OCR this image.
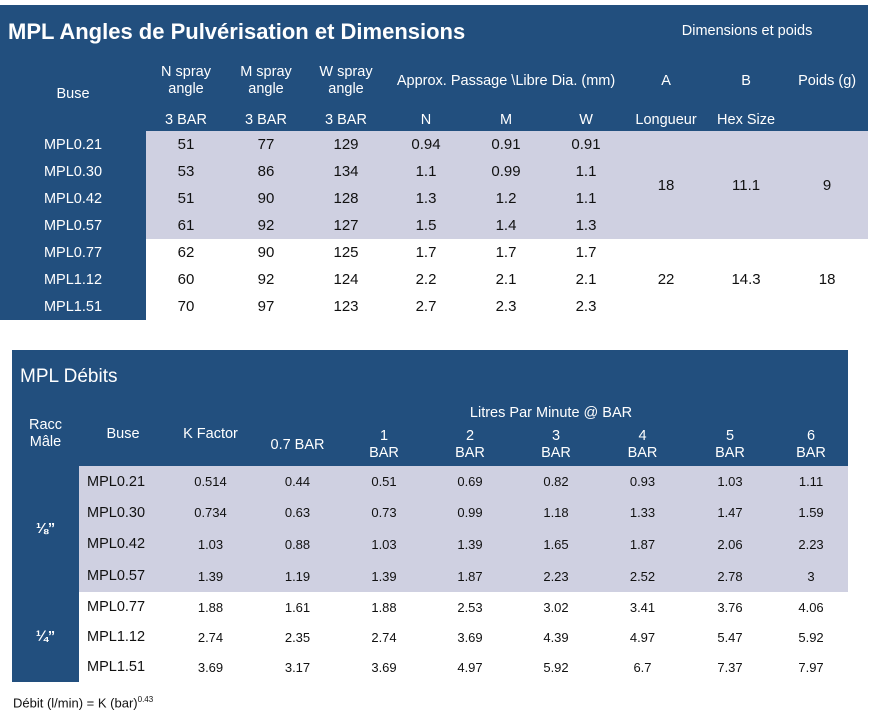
MPL Angles de Pulvérisation et Dimensions							Dimensions et poids		
Buse	N spray angle	M spray angle	W spray angle	Approx. Passage \Libre Dia. (mm)			A	B	Poids (g)
	3 BAR	3 BAR	3 BAR	N	M	W	Longueur	Hex Size	
MPL0.21	51	77	129	0.94	0.91	0.91	18	11.1	9
MPL0.30	53	86	134	1.1	0.99	1.1			
MPL0.42	51	90	128	1.3	1.2	1.1			
MPL0.57	61	92	127	1.5	1.4	1.3			
MPL0.77	62	90	125	1.7	1.7	1.7	22	14.3	18
MPL1.12	60	92	124	2.2	2.1	2.1			
MPL1.51	70	97	123	2.7	2.3	2.3			
MPL Débits									
Racc Mâle	Buse	K Factor	Litres Par Minute @ BAR						
			0.7 BAR	1 BAR	2 BAR	3 BAR	4 BAR	5 BAR	6 BAR
⅛”	MPL0.21	0.514	0.44	0.51	0.69	0.82	0.93	1.03	1.11
	MPL0.30	0.734	0.63	0.73	0.99	1.18	1.33	1.47	1.59
	MPL0.42	1.03	0.88	1.03	1.39	1.65	1.87	2.06	2.23
	MPL0.57	1.39	1.19	1.39	1.87	2.23	2.52	2.78	3
¼”	MPL0.77	1.88	1.61	1.88	2.53	3.02	3.41	3.76	4.06
	MPL1.12	2.74	2.35	2.74	3.69	4.39	4.97	5.47	5.92
	MPL1.51	3.69	3.17	3.69	4.97	5.92	6.7	7.37	7.97
Débit (l/min) = K (bar)$^{0.43}$
